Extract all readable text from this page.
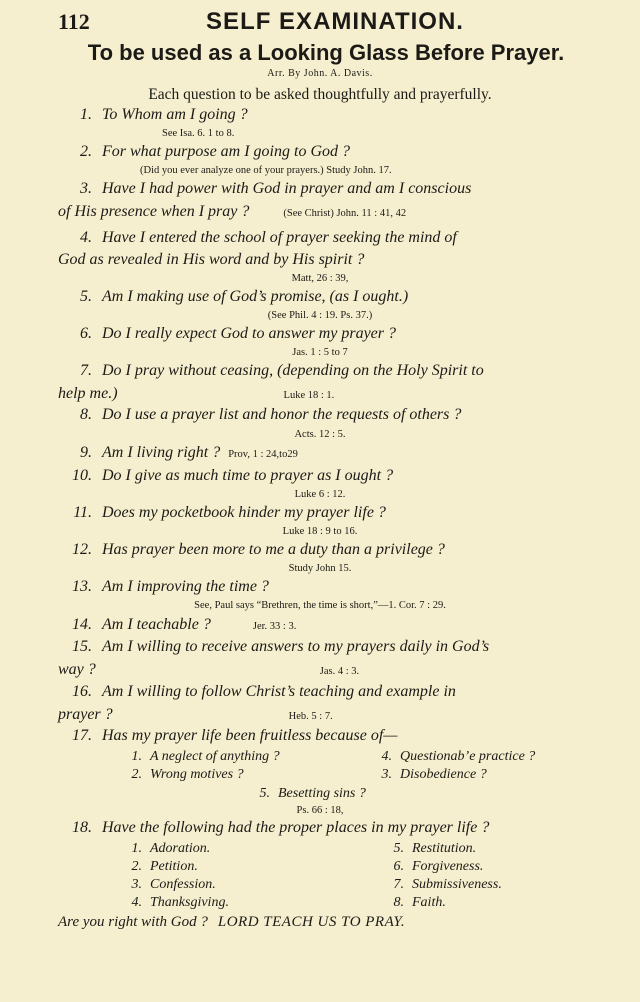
112	SELF EXAMINATION.
To be used as a Looking Glass Before Prayer.
Arr. By John. A. Davis.
Each question to be asked thoughtfully and prayerfully.
1. To Whom am I going ?
See Isa. 6. 1 to 8.
2. For what purpose am I going to God ?
(Did you ever analyze one of your prayers.) Study John. 17.
3. Have I had power with God in prayer and am I conscious
of His presence when I pray ?	(See Christ) John. 11 : 41, 42
4. Have I entered the school of prayer seeking the mind of
God as revealed in His word and by His spirit ?
Matt, 26 : 39,
5. Am I making use of God’s promise, (as I ought.)
(See Phil. 4 : 19. Ps. 37.)
6. Do I really expect God to answer my prayer ?
Jas. 1 : 5 to 7
7. Do I pray without ceasing, (depending on the Holy Spirit to
help me.)	Luke 18 : 1.
8. Do I use a prayer list and honor the requests of others ?
Acts. 12 : 5.
9. Am I living right ? Prov, 1 : 24,to29
10. Do I give as much time to prayer as I ought ?
Luke 6 : 12.
11. Does my pocketbook hinder my prayer life ?
Luke 18 : 9 to 16.
12. Has prayer been more to me a duty than a privilege ?
Study John 15.
13. Am I improving the time ?
See, Paul says “Brethren, the time is short,”—1. Cor. 7 : 29.
14. Am I teachable ?	Jer. 33 : 3.
15. Am I willing to receive answers to my prayers daily in God’s
way ?	Jas. 4 : 3.
16. Am I willing to follow Christ’s teaching and example in
prayer ?	Heb. 5 : 7.
17. Has my prayer life been fruitless because of—
1. A neglect of anything ?	4. Questionab’e practice ?
2. Wrong motives ?	3. Disobedience ?
5. Besetting sins ?
Ps. 66 : 18,
18. Have the following had the proper places in my prayer life ?
1. Adoration.	5. Restitution.
2. Petition.	6. Forgiveness.
3. Confession.	7. Submissiveness.
4. Thanksgiving.	8. Faith.
Are you right with God ? LORD TEACH US TO PRAY.
